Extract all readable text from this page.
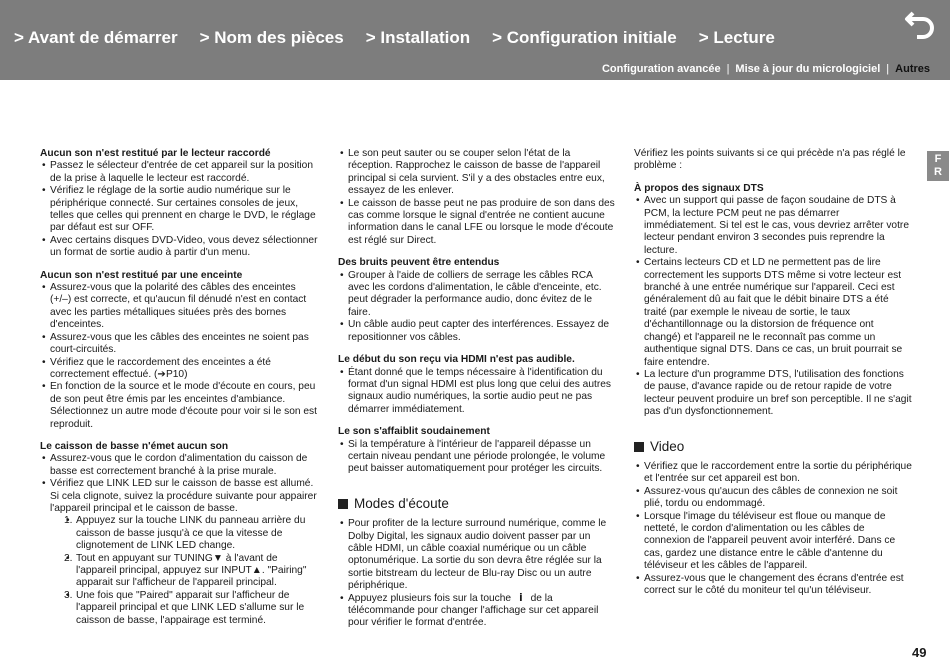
> Avant de démarrer > Nom des pièces > Installation > Configuration initiale > Lecture
Configuration avancée | Mise à jour du micrologiciel | Autres
F
R
Aucun son n'est restitué par le lecteur raccordé
• Passez le sélecteur d'entrée de cet appareil sur la position de la prise à laquelle le lecteur est raccordé.
• Vérifiez le réglage de la sortie audio numérique sur le périphérique connecté. Sur certaines consoles de jeux, telles que celles qui prennent en charge le DVD, le réglage par défaut est sur OFF.
• Avec certains disques DVD-Video, vous devez sélectionner un format de sortie audio à partir d'un menu.
Aucun son n'est restitué par une enceinte
• Assurez-vous que la polarité des câbles des enceintes (+/–) est correcte, et qu'aucun fil dénudé n'est en contact avec les parties métalliques situées près des bornes d'enceintes.
• Assurez-vous que les câbles des enceintes ne soient pas court-circuités.
• Vérifiez que le raccordement des enceintes a été correctement effectué. (➔P10)
• En fonction de la source et le mode d'écoute en cours, peu de son peut être émis par les enceintes d'ambiance. Sélectionnez un autre mode d'écoute pour voir si le son est reproduit.
Le caisson de basse n'émet aucun son
• Assurez-vous que le cordon d'alimentation du caisson de basse est correctement branché à la prise murale.
• Vérifiez que LINK LED sur le caisson de basse est allumé. Si cela clignote, suivez la procédure suivante pour appairer l'appareil principal et le caisson de basse.
• 1. Appuyez sur la touche LINK du panneau arrière du caisson de basse jusqu'à ce que la vitesse de clignotement de LINK LED change.
• 2. Tout en appuyant sur TUNING▼ à l'avant de l'appareil principal, appuyez sur INPUT▲. "Pairing" apparait sur l'afficheur de l'appareil principal.
• 3. Une fois que "Paired" apparait sur l'afficheur de l'appareil principal et que LINK LED s'allume sur le caisson de basse, l'appairage est terminé.
• Le son peut sauter ou se couper selon l'état de la réception. Rapprochez le caisson de basse de l'appareil principal si cela survient. S'il y a des obstacles entre eux, essayez de les enlever.
• Le caisson de basse peut ne pas produire de son dans des cas comme lorsque le signal d'entrée ne contient aucune information dans le canal LFE ou lorsque le mode d'écoute est réglé sur Direct.
Des bruits peuvent être entendus
• Grouper à l'aide de colliers de serrage les câbles RCA avec les cordons d'alimentation, le câble d'enceinte, etc. peut dégrader la performance audio, donc évitez de le faire.
• Un câble audio peut capter des interférences. Essayez de repositionner vos câbles.
Le début du son reçu via HDMI n'est pas audible.
• Étant donné que le temps nécessaire à l'identification du format d'un signal HDMI est plus long que celui des autres signaux audio numériques, la sortie audio peut ne pas démarrer immédiatement.
Le son s'affaiblit soudainement
• Si la température à l'intérieur de l'appareil dépasse un certain niveau pendant une période prolongée, le volume peut baisser automatiquement pour protéger les circuits.
Modes d'écoute
• Pour profiter de la lecture surround numérique, comme le Dolby Digital, les signaux audio doivent passer par un câble HDMI, un câble coaxial numérique ou un câble optonumérique. La sortie du son devra être réglée sur la sortie bitstream du lecteur de Blu-ray Disc ou un autre périphérique.
• Appuyez plusieurs fois sur la touche i de la télécommande pour changer l'affichage sur cet appareil pour vérifier le format d'entrée.
Vérifiez les points suivants si ce qui précède n'a pas réglé le problème :
À propos des signaux DTS
• Avec un support qui passe de façon soudaine de DTS à PCM, la lecture PCM peut ne pas démarrer immédiatement. Si tel est le cas, vous devriez arrêter votre lecteur pendant environ 3 secondes puis reprendre la lecture.
• Certains lecteurs CD et LD ne permettent pas de lire correctement les supports DTS même si votre lecteur est branché à une entrée numérique sur l'appareil. Ceci est généralement dû au fait que le débit binaire DTS a été traité (par exemple le niveau de sortie, le taux d'échantillonnage ou la distorsion de fréquence ont changé) et l'appareil ne le reconnaît pas comme un authentique signal DTS. Dans ce cas, un bruit pourrait se faire entendre.
• La lecture d'un programme DTS, l'utilisation des fonctions de pause, d'avance rapide ou de retour rapide de votre lecteur peuvent produire un bref son perceptible. Il ne s'agit pas d'un dysfonctionnement.
Video
• Vérifiez que le raccordement entre la sortie du périphérique et l'entrée sur cet appareil est bon.
• Assurez-vous qu'aucun des câbles de connexion ne soit plié, tordu ou endommagé.
• Lorsque l'image du téléviseur est floue ou manque de netteté, le cordon d'alimentation ou les câbles de connexion de l'appareil peuvent avoir interféré. Dans ce cas, gardez une distance entre le câble d'antenne du téléviseur et les câbles de l'appareil.
• Assurez-vous que le changement des écrans d'entrée est correct sur le côté du moniteur tel qu'un téléviseur.
49
